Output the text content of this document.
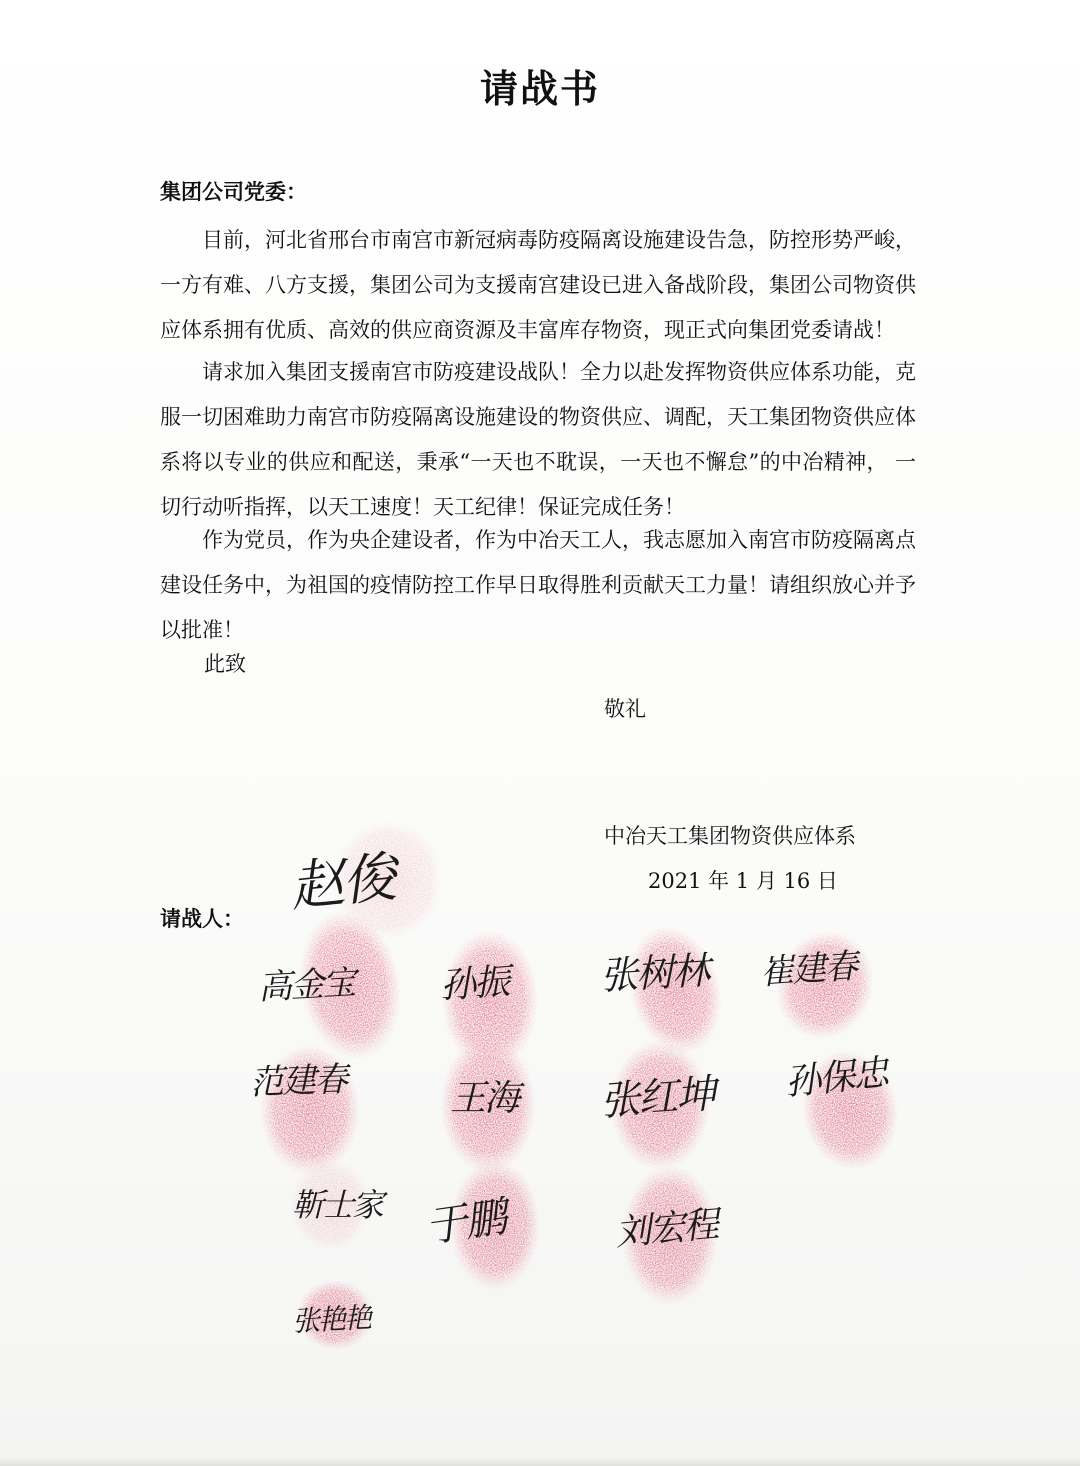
请战书
集团公司党委：

目前，河北省邢台市南宫市新冠病毒防疫隔离设施建设告急，防控形势严峻，一方有难、八方支援，集团公司为支援南宫建设已进入备战阶段，集团公司物资供应体系拥有优质、高效的供应商资源及丰富库存物资，现正式向集团党委请战！

请求加入集团支援南宫市防疫建设战队！全力以赴发挥物资供应体系功能，克服一切困难助力南宫市防疫隔离设施建设的物资供应、调配，天工集团物资供应体系将以专业的供应和配送，秉承“一天也不耽误，一天也不懈怠”的中冶精神， 一切行动听指挥，以天工速度！天工纪律！保证完成任务！

作为党员，作为央企建设者，作为中冶天工人，我志愿加入南宫市防疫隔离点建设任务中，为祖国的疫情防控工作早日取得胜利贡献天工力量！请组织放心并予以批准！

此致
敬礼
中冶天工集团物资供应体系
2021 年 1 月 16 日
请战人： 赵俊
高金宝 孙振 张树林 崔建春
范建春	王海 张红坤 孙保忠
靳士家 于鹏	刘宏程
张艳艳
